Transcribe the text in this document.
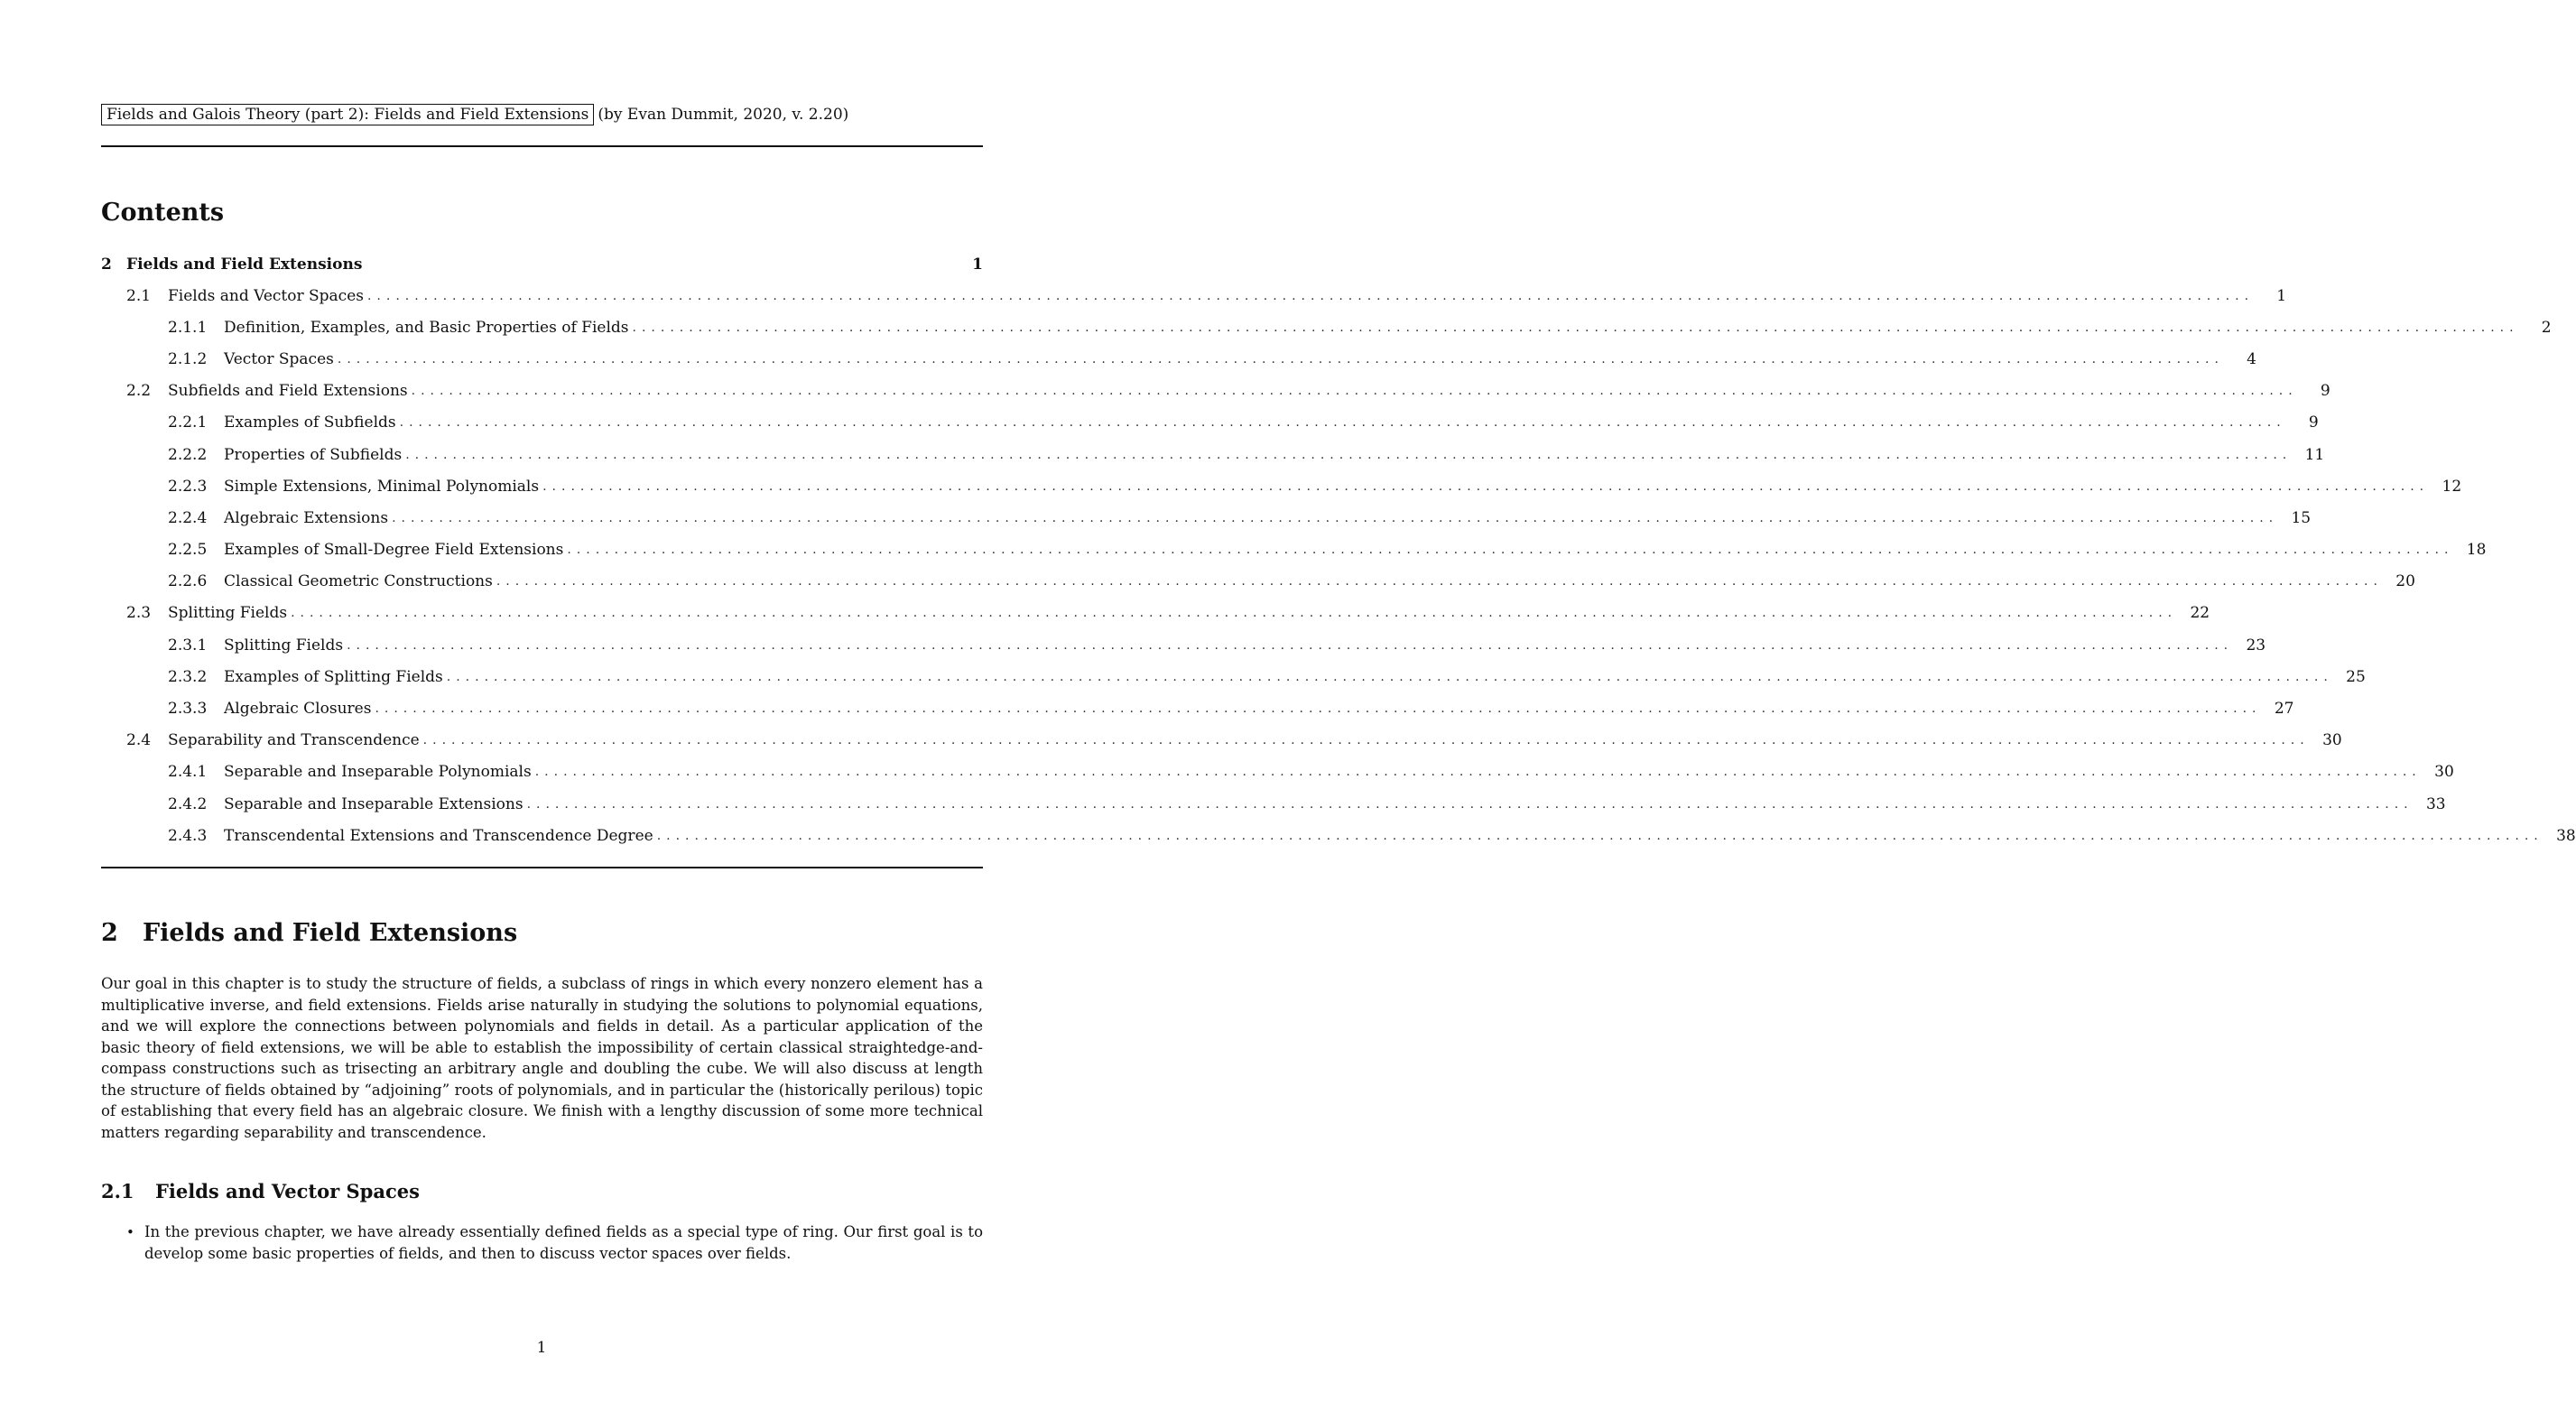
Fields and Galois Theory (part 2): Fields and Field Extensions (by Evan Dummit, 2020, v. 2.20)
Contents
2 Fields and Field Extensions	1
2.1	Fields and Vector Spaces ........................................................................................................................................................................................................	1
2.1.1	Definition, Examples, and Basic Properties of Fields ........................................................................................................................................................................................................	2
2.1.2	Vector Spaces ........................................................................................................................................................................................................	4
2.2	Subfields and Field Extensions ........................................................................................................................................................................................................	9
2.2.1	Examples of Subfields ........................................................................................................................................................................................................	9
2.2.2	Properties of Subfields ........................................................................................................................................................................................................ 11
2.2.3	Simple Extensions, Minimal Polynomials ........................................................................................................................................................................................................ 12
2.2.4	Algebraic Extensions ........................................................................................................................................................................................................ 15
2.2.5	Examples of Small-Degree Field Extensions ........................................................................................................................................................................................................ 18
2.2.6	Classical Geometric Constructions ........................................................................................................................................................................................................ 20
2.3	Splitting Fields ........................................................................................................................................................................................................ 22
2.3.1	Splitting Fields ........................................................................................................................................................................................................ 23
2.3.2	Examples of Splitting Fields ........................................................................................................................................................................................................ 25
2.3.3	Algebraic Closures ........................................................................................................................................................................................................ 27
2.4	Separability and Transcendence ........................................................................................................................................................................................................ 30
2.4.1	Separable and Inseparable Polynomials ........................................................................................................................................................................................................ 30
2.4.2	Separable and Inseparable Extensions ........................................................................................................................................................................................................ 33
2.4.3	Transcendental Extensions and Transcendence Degree ........................................................................................................................................................................................................ 38
2 Fields and Field Extensions

Our goal in this chapter is to study the structure of fields, a subclass of rings in which every nonzero element has a multiplicative inverse, and field extensions. Fields arise naturally in studying the solutions to polynomial equations, and we will explore the connections between polynomials and fields in detail. As a particular application of the basic theory of field extensions, we will be able to establish the impossibility of certain classical straightedge-and-compass constructions such as trisecting an arbitrary angle and doubling the cube. We will also discuss at length the structure of fields obtained by “adjoining” roots of polynomials, and in particular the (historically perilous) topic of establishing that every field has an algebraic closure. We finish with a lengthy discussion of some more technical matters regarding separability and transcendence.

2.1 Fields and Vector Spaces
• In the previous chapter, we have already essentially defined fields as a special type of ring. Our first goal is to develop some basic properties of fields, and then to discuss vector spaces over fields.
1
